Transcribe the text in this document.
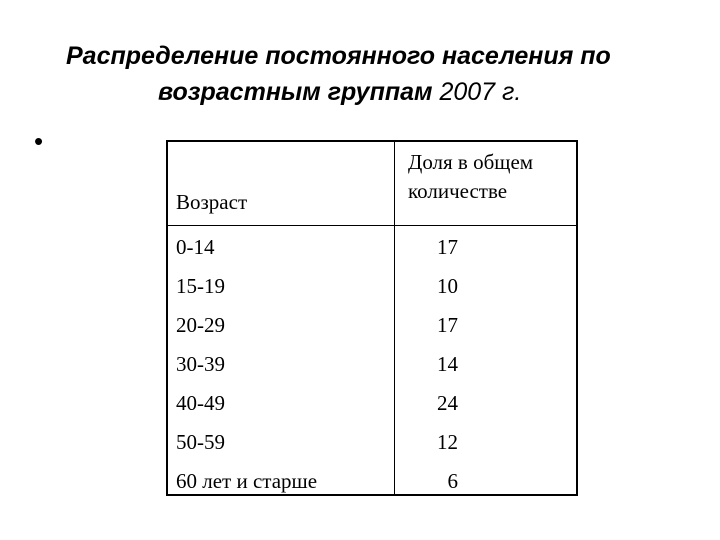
Распределение постоянного населения по
возрастным группам 2007 г.
•
Возраст
Доля в общем
количестве
0-14
15-19
20-29
30-39
40-49
50-59
60 лет и старше
17
10
17
14
24
12
6
